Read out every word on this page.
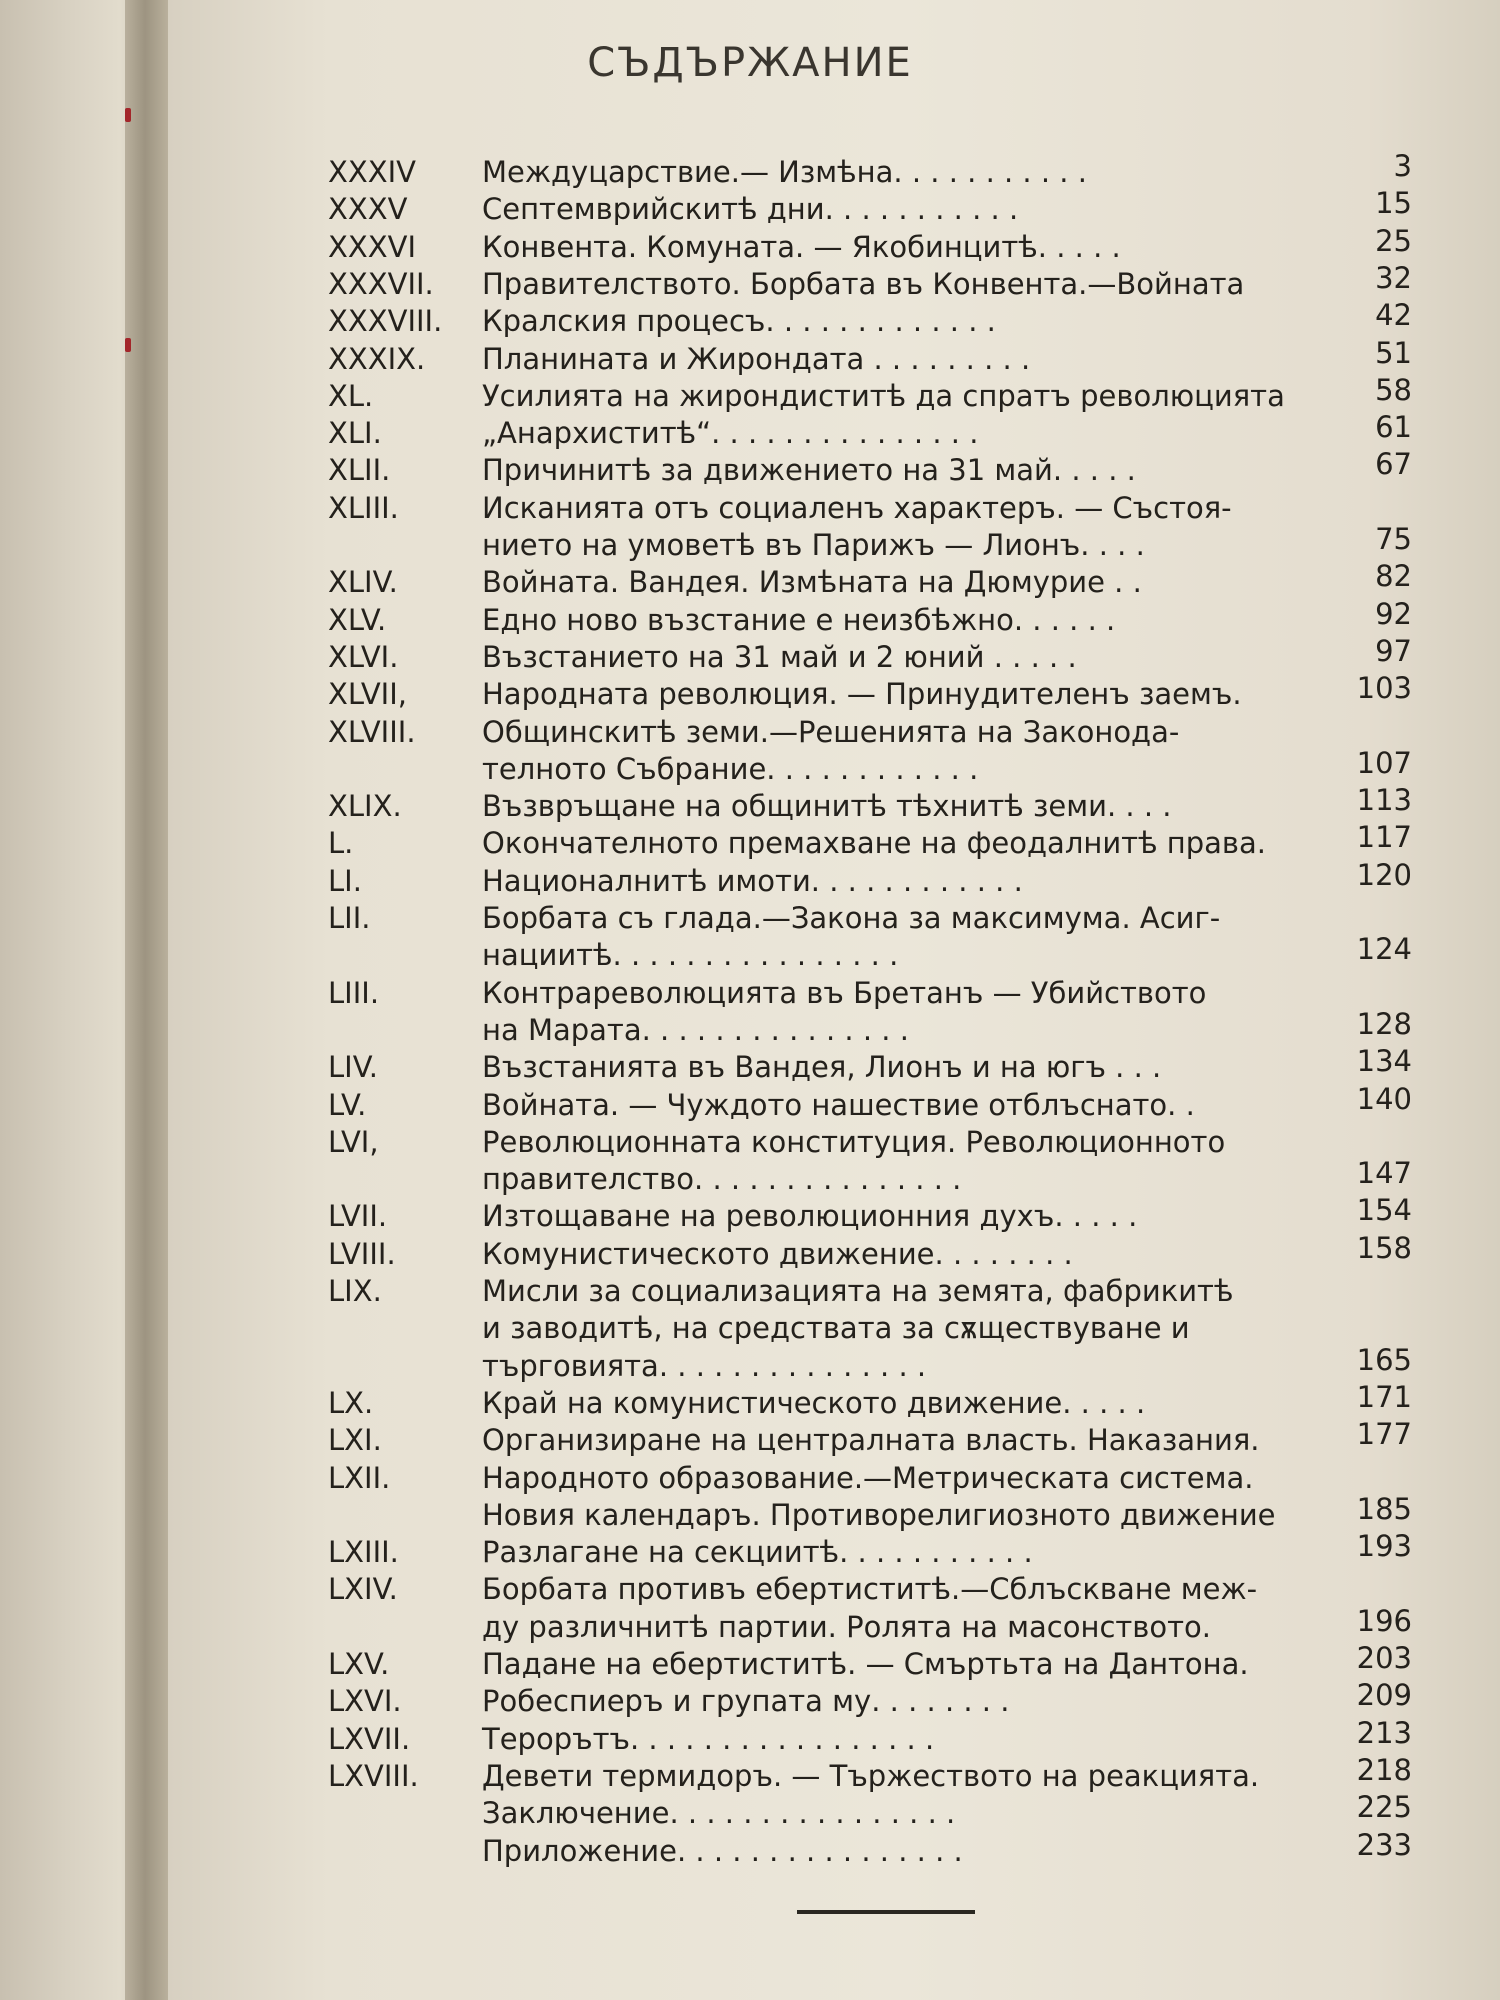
СЪДЪРЖАНИЕ
XXXIV Междуцарствие.— Измѣна. . . . . . . . . . .	3
XXXV	Септемврийскитѣ дни. . . . . . . . . . .	15
XXXVI Конвента. Комуната. — Якобинцитѣ. . . . .	25
XXXVII. Правителството. Борбата въ Конвента.—Войната	32
XXXVIII. Кралския процесъ. . . . . . . . . . . . .	42
XXXIX. Планината и Жирондата . . . . . . . . .	51
XL.	Усилията на жирондиститѣ да спратъ революцията	58
XLI.	„Анархиститѣ“. . . . . . . . . . . . . . .	61
XLII.	Причинитѣ за движението на 31 май. . . . .	67
XLIII.	Исканията отъ социаленъ характеръ. — Състоя-
нието на умоветѣ въ Парижъ — Лионъ. . . .	75
XLIV.	Войната. Вандея. Измѣната на Дюмурие . .	82
XLV.	Едно ново възстание е неизбѣжно. . . . . .	92
XLVI.	Възстанието на 31 май и 2 юний . . . . .	97
XLVII,	Народната революция. — Принудителенъ заемъ.	103
XLVIII. Общинскитѣ земи.—Решенията на Законода-
телното Събрание. . . . . . . . . . . .	107
XLIX.	Възвръщане на общинитѣ тѣхнитѣ земи. . . .	113
L.	Окончателното премахване на феодалнитѣ права.	117
LI.	Националнитѣ имоти. . . . . . . . . . . .	120
LII.	Борбата съ глада.—Закона за максимума. Асиг-
нациитѣ. . . . . . . . . . . . . . . .	124
LIII.	Контрареволюцията въ Бретанъ — Убийството
на Марата. . . . . . . . . . . . . . .	128
LIV.	Възстанията въ Вандея, Лионъ и на югъ . . .	134
LV.	Войната. — Чуждото нашествие отблъснато. .	140
LVI,	Революционната конституция. Революционното
правителство. . . . . . . . . . . . . . .	147
LVII.	Изтощаване на революционния духъ. . . . .	154
LVIII.	Комунистическото движение. . . . . . . .	158
LIX.	Мисли за социализацията на земята, фабрикитѣ
и заводитѣ, на средствата за сѫществуване и
търговията. . . . . . . . . . . . . . .	165
LX.	Край на комунистическото движение. . . . .	171
LXI.	Организиране на централната власть. Наказания.	177
LXII.	Народното образование.—Метрическата система.
Новия календаръ. Противорелигиозното движение	185
LXIII.	Разлагане на секциитѣ. . . . . . . . . . .	193
LXIV.	Борбата противъ ебертиститѣ.—Сблъскване меж-
ду различнитѣ партии. Ролята на масонството.	196
LXV.	Падане на ебертиститѣ. — Смъртьта на Дантона.	203
LXVI.	Робеспиеръ и групата му. . . . . . . .	209
LXVII. Терорътъ. . . . . . . . . . . . . . . . .	213
LXVIII. Девети термидоръ. — Тържеството на реакцията.	218
Заключение. . . . . . . . . . . . . . . .	225
Приложение. . . . . . . . . . . . . . . .	233
